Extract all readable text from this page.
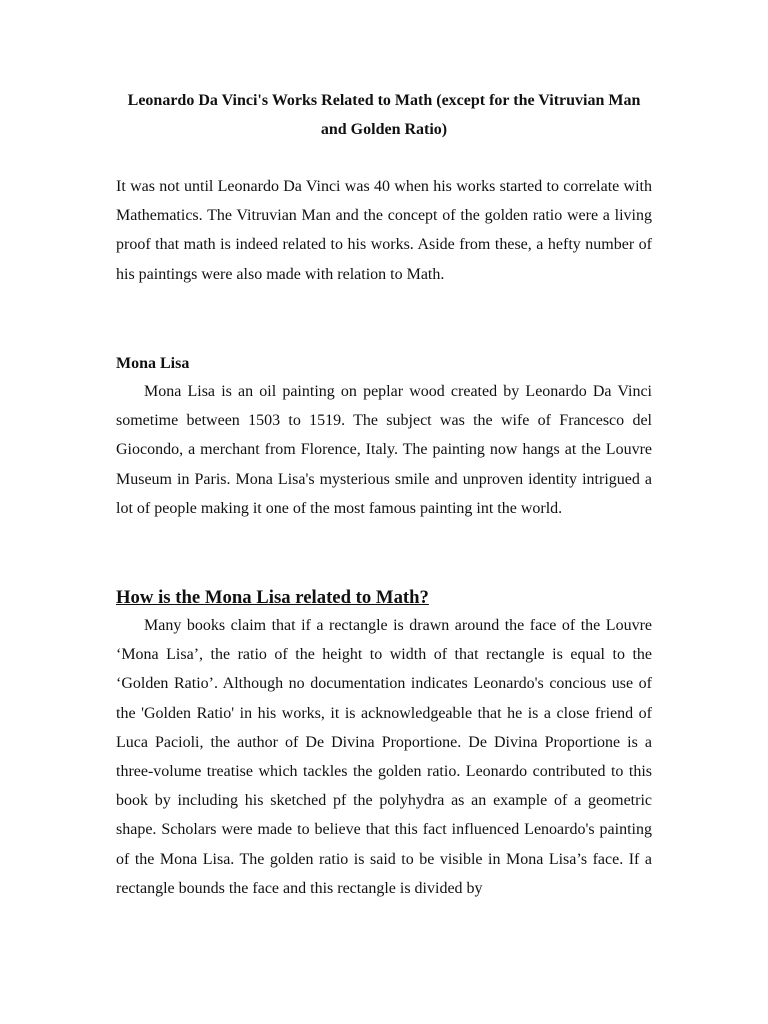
Leonardo Da Vinci's Works Related to Math (except for the Vitruvian Man and Golden Ratio)

It was not until Leonardo Da Vinci was 40 when his works started to correlate with Mathematics. The Vitruvian Man and the concept of the golden ratio were a living proof that math is indeed related to his works. Aside from these, a hefty number of his paintings were also made with relation to Math.

Mona Lisa

Mona Lisa is an oil painting on peplar wood created by Leonardo Da Vinci sometime between 1503 to 1519. The subject was the wife of Francesco del Giocondo, a merchant from Florence, Italy. The painting now hangs at the Louvre Museum in Paris. Mona Lisa's mysterious smile and unproven identity intrigued a lot of people making it one of the most famous painting int the world.

How is the Mona Lisa related to Math?

Many books claim that if a rectangle is drawn around the face of the Louvre ‘Mona Lisa’, the ratio of the height to width of that rectangle is equal to the ‘Golden Ratio’. Although no documentation indicates Leonardo's concious use of the 'Golden Ratio' in his works, it is acknowledgeable that he is a close friend of Luca Pacioli, the author of De Divina Proportione. De Divina Proportione is a three-volume treatise which tackles the golden ratio. Leonardo contributed to this book by including his sketched pf the polyhydra as an example of a geometric shape. Scholars were made to believe that this fact influenced Lenoardo's painting of the Mona Lisa. The golden ratio is said to be visible in Mona Lisa’s face. If a rectangle bounds the face and this rectangle is divided by
